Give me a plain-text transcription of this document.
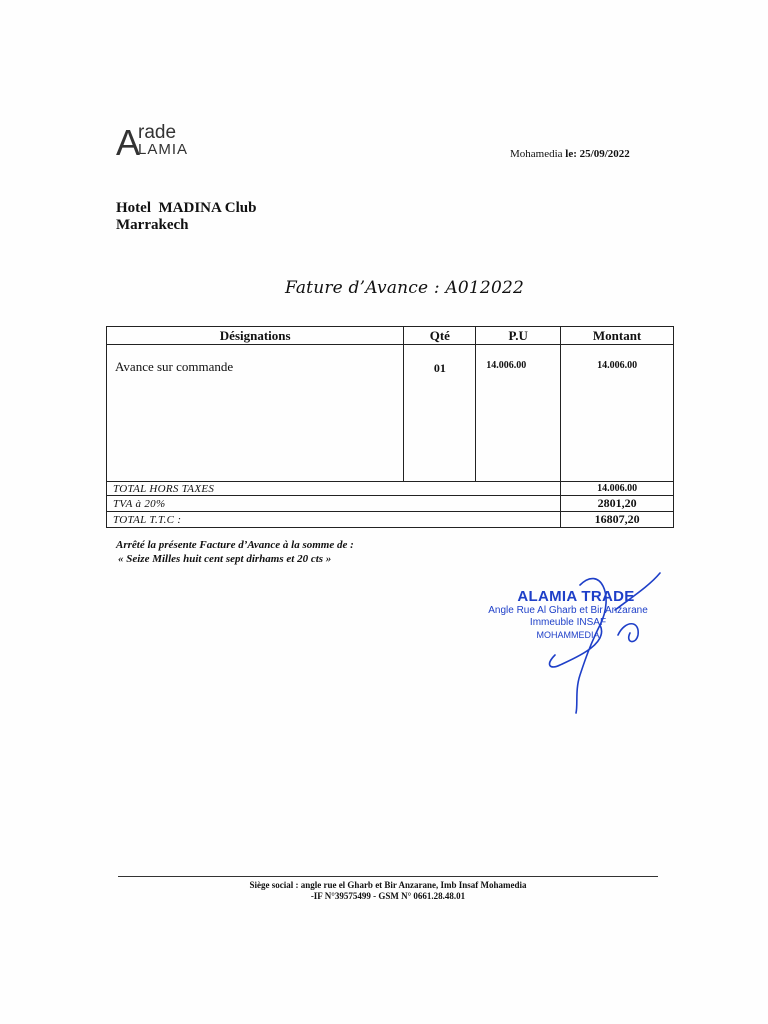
A
rade
LAMIA	Mohamedia le: 25/09/2022
Hotel MADINA Club
Marrakech
Fature d’Avance : A012022
Désignations	Qté	P.U	Montant
Avance sur commande	01	14.006.00	14.006.00
TOTAL HORS TAXES			14.006.00
TVA à 20%			2801,20
TOTAL T.T.C :			16807,20
Arrêté la présente Facture d’Avance à la somme de :
« Seize Milles huit cent sept dirhams et 20 cts »
ALAMIA TRADE
Angle Rue Al Gharb et Bir Anzarane
Immeuble INSAF
MOHAMMEDIA
Siège social : angle rue el Gharb et Bir Anzarane, Imb Insaf Mohamedia
-IF N°39575499 - GSM N° 0661.28.48.01
